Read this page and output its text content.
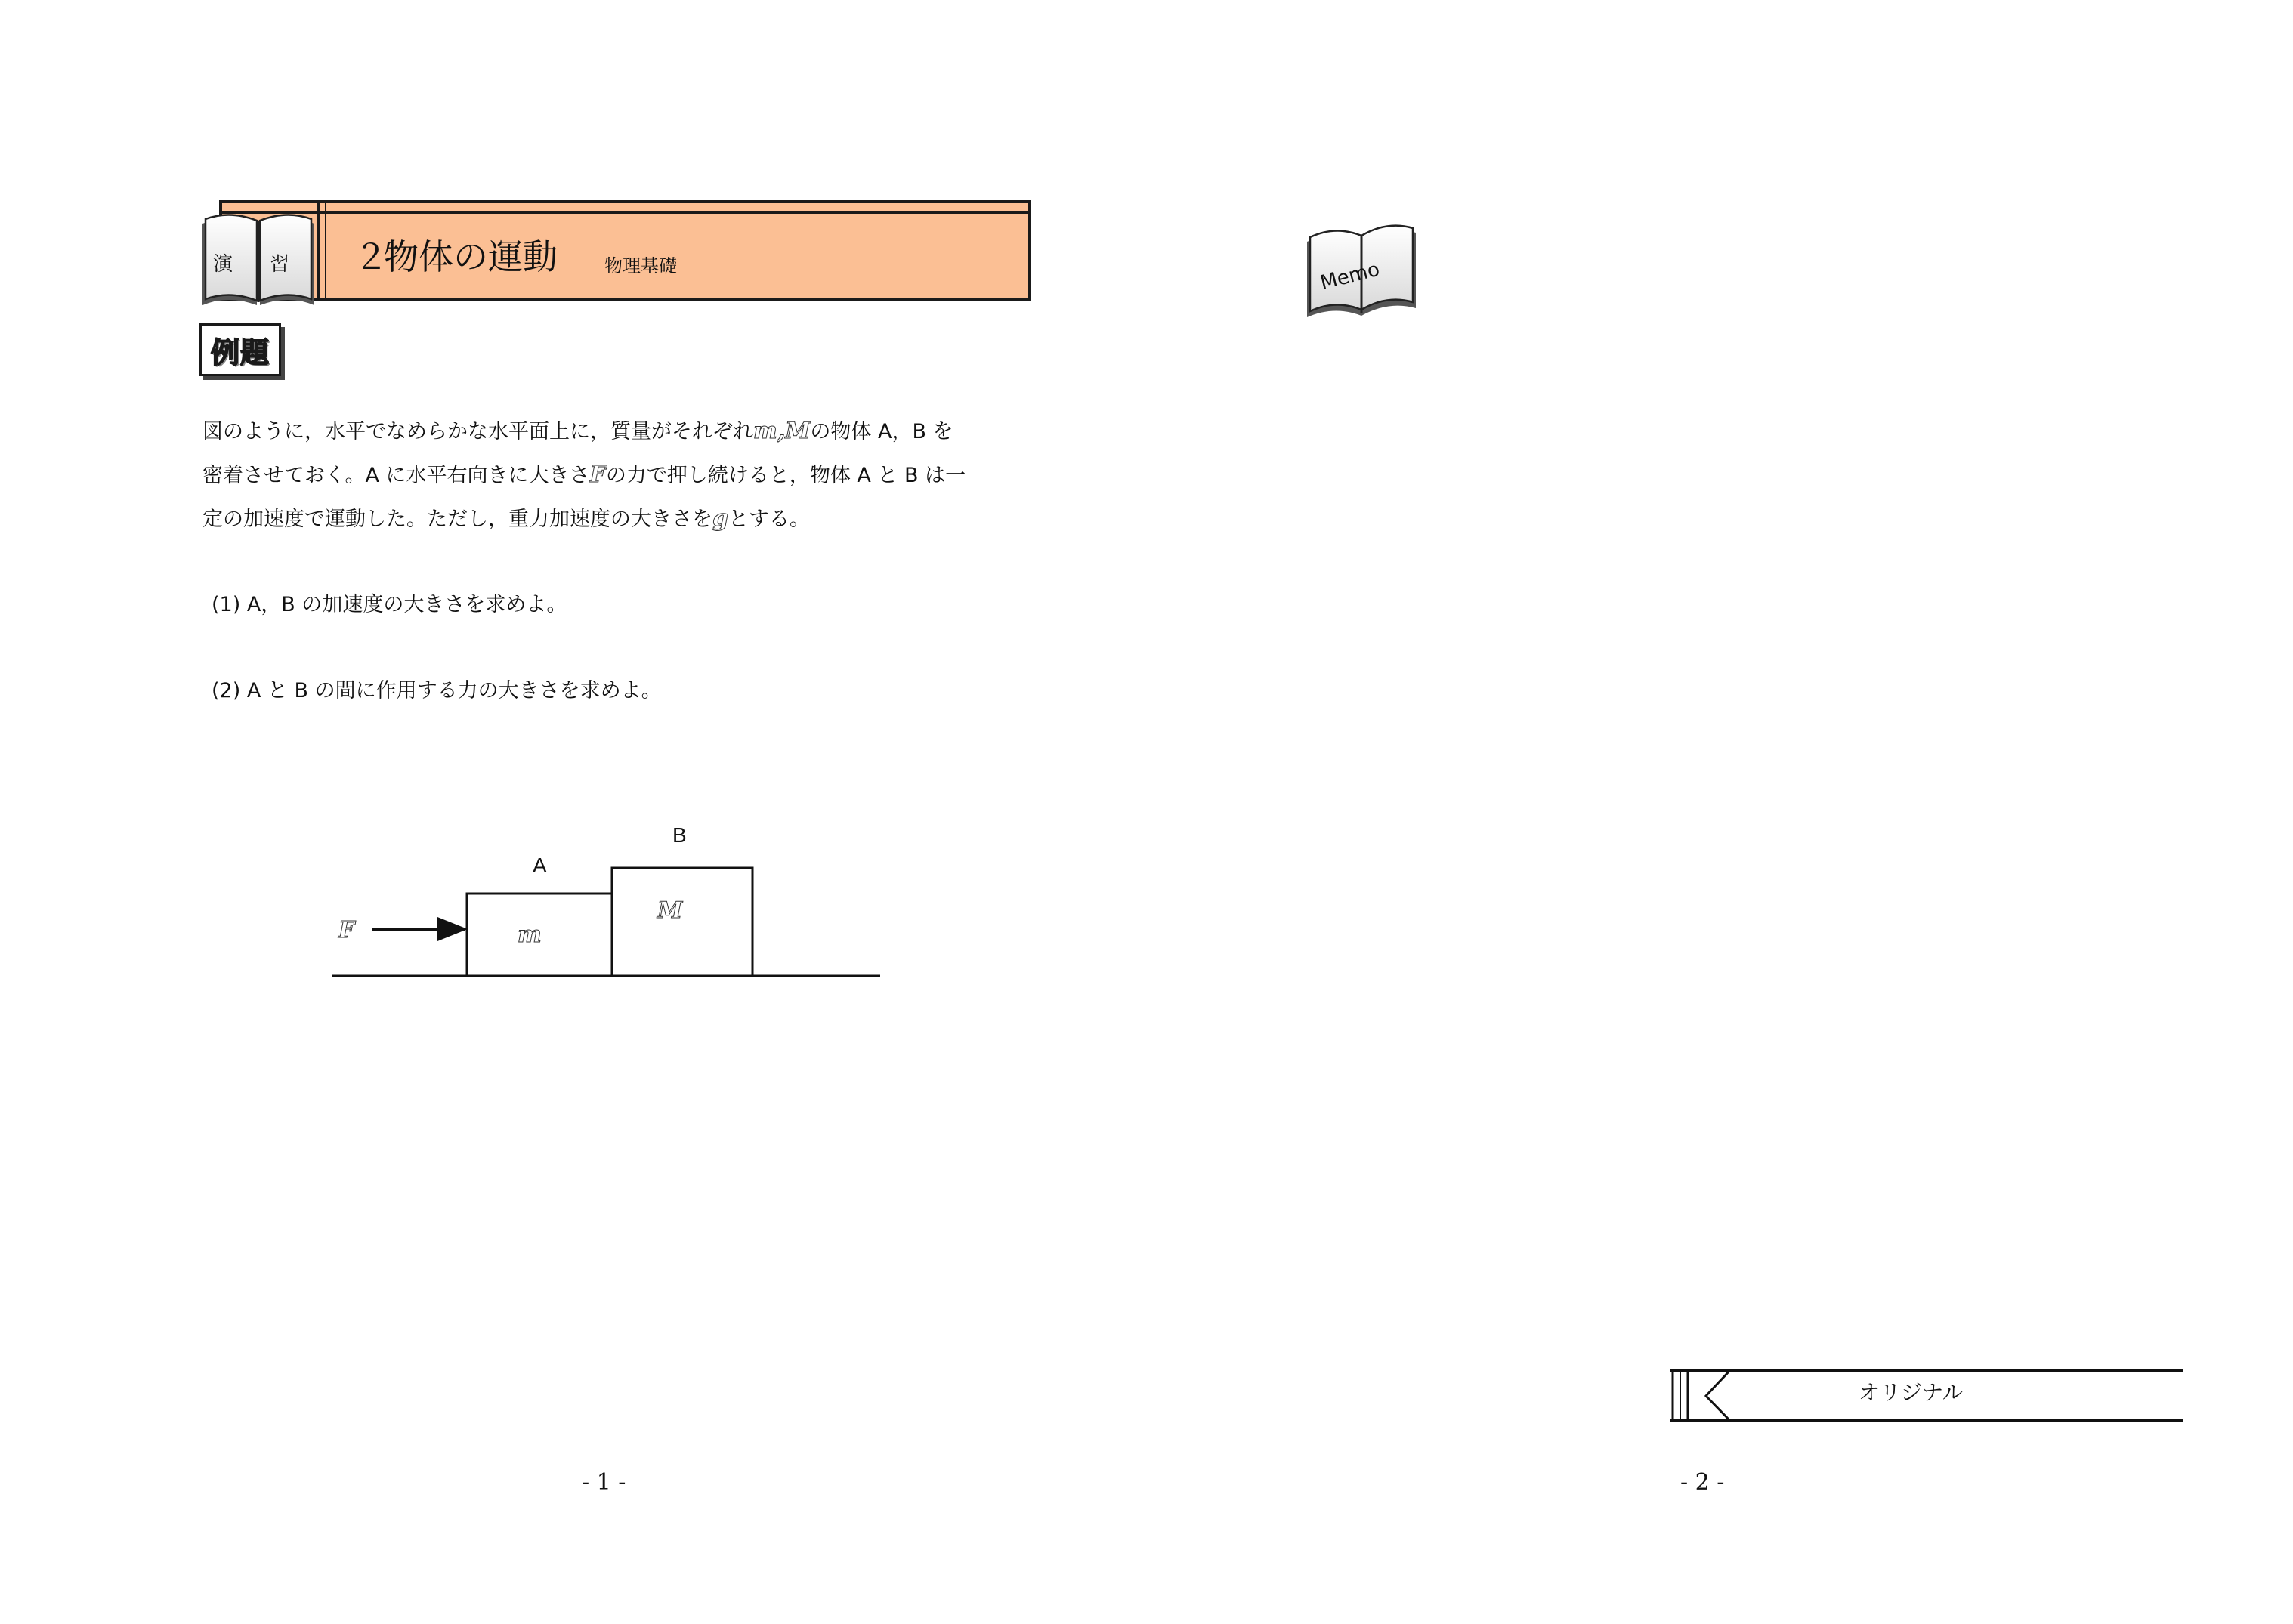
演 習 ２
物体の運動	物理基礎
例題
図のように，水平でなめらかな水平面上に，質量がそれぞれm,Mの物体 A，B を
密着させておく。A に水平右向きに大きさFの力で押し続けると，物体 A と B は一
定の加速度で運動した。ただし，重力加速度の大きさをgとする。
(1) A，B の加速度の大きさを求めよ。
(2) A と B の間に作用する力の大きさを求めよ。
F	m
M
A
B
Memo
オリジナル
- 1 -	- 2 -
